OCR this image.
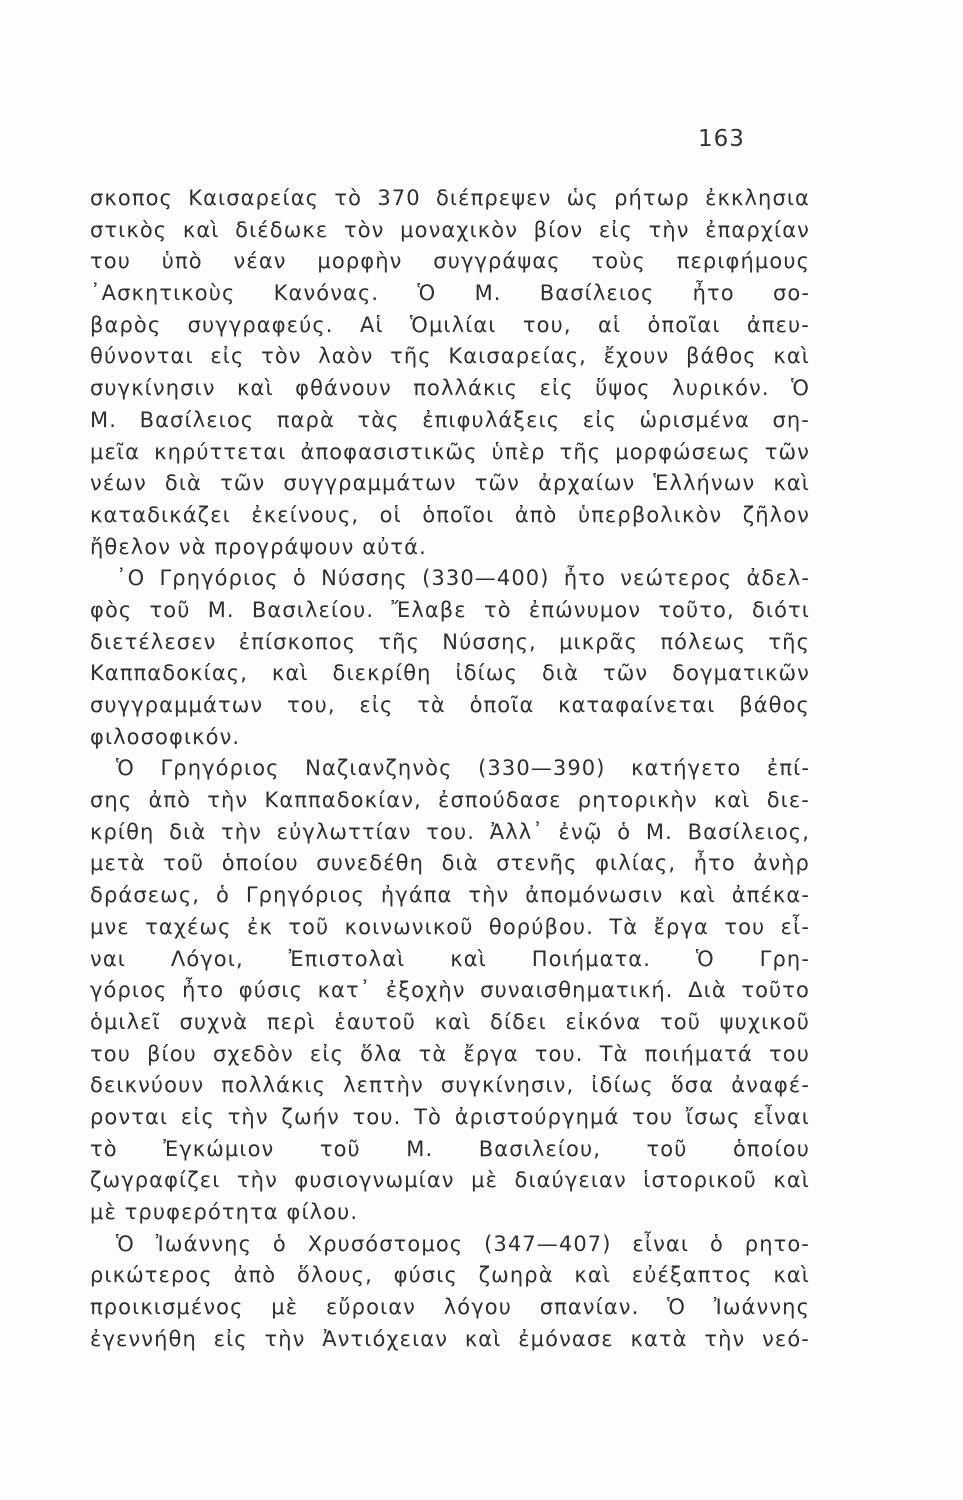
163
σκοπος Καισαρείας τὸ 370 διέπρεψεν ὡς ρήτωρ ἐκκλησια
στικὸς καὶ διέδωκε τὸν μοναχικὸν βίον εἰς τὴν ἐπαρχίαν
του ὑπὸ νέαν μορφὴν συγγράψας τοὺς περιφήμους
᾿Ασκητικοὺς Κανόνας. Ὁ Μ. Βασίλειος ἦτο σο-
βαρὸς συγγραφεύς. Αἱ Ὁμιλίαι του, αἱ ὁποῖαι ἀπευ-
θύνονται εἰς τὸν λαὸν τῆς Καισαρείας, ἔχουν βάθος καὶ
συγκίνησιν καὶ φθάνουν πολλάκις εἰς ὕψος λυρικόν. Ὁ
Μ. Βασίλειος παρὰ τὰς ἐπιφυλάξεις εἰς ὡρισμένα ση-
μεῖα κηρύττεται ἀποφασιστικῶς ὑπὲρ τῆς μορφώσεως τῶν
νέων διὰ τῶν συγγραμμάτων τῶν ἀρχαίων Ἑλλήνων καὶ
καταδικάζει ἐκείνους, οἱ ὁποῖοι ἀπὸ ὑπερβολικὸν ζῆλον
ἤθελον νὰ προγράψουν αὐτά.
᾿Ο Γρηγόριος ὁ Νύσσης (330—400) ἦτο νεώτερος ἀδελ-
φὸς τοῦ Μ. Βασιλείου. Ἔλαβε τὸ ἐπώνυμον τοῦτο, διότι
διετέλεσεν ἐπίσκοπος τῆς Νύσσης, μικρᾶς πόλεως τῆς
Καππαδοκίας, καὶ διεκρίθη ἰδίως διὰ τῶν δογματικῶν
συγγραμμάτων του, εἰς τὰ ὁποῖα καταφαίνεται βάθος
φιλοσοφικόν.
Ὁ Γρηγόριος Ναζιανζηνὸς (330—390) κατήγετο ἐπί-
σης ἀπὸ τὴν Καππαδοκίαν, ἐσπούδασε ρητορικὴν καὶ διε-
κρίθη διὰ τὴν εὐγλωττίαν του. Ἀλλ᾿ ἐνῷ ὁ Μ. Βασίλειος,
μετὰ τοῦ ὁποίου συνεδέθη διὰ στενῆς φιλίας, ἦτο ἀνὴρ
δράσεως, ὁ Γρηγόριος ἠγάπα τὴν ἀπομόνωσιν καὶ ἀπέκα-
μνε ταχέως ἐκ τοῦ κοινωνικοῦ θορύβου. Τὰ ἔργα του εἶ-
ναι Λόγοι, Ἐπιστολαὶ καὶ Ποιήματα. Ὁ Γρη-
γόριος ἦτο φύσις κατ᾿ ἐξοχὴν συναισθηματική. Διὰ τοῦτο
ὁμιλεῖ συχνὰ περὶ ἑαυτοῦ καὶ δίδει εἰκόνα τοῦ ψυχικοῦ
του βίου σχεδὸν εἰς ὅλα τὰ ἔργα του. Τὰ ποιήματά του
δεικνύουν πολλάκις λεπτὴν συγκίνησιν, ἰδίως ὅσα ἀναφέ-
ρονται εἰς τὴν ζωήν του. Τὸ ἀριστούργημά του ἴσως εἶναι
τὸ Ἐγκώμιον τοῦ Μ. Βασιλείου, τοῦ ὁποίου
ζωγραφίζει τὴν φυσιογνωμίαν μὲ διαύγειαν ἱστορικοῦ καὶ
μὲ τρυφερότητα φίλου.
Ὁ Ἰωάννης ὁ Χρυσόστομος (347—407) εἶναι ὁ ρητο-
ρικώτερος ἀπὸ ὅλους, φύσις ζωηρὰ καὶ εὐέξαπτος καὶ
προικισμένος μὲ εὔροιαν λόγου σπανίαν. Ὁ Ἰωάννης
ἐγεννήθη εἰς τὴν Ἀντιόχειαν καὶ ἐμόνασε κατὰ τὴν νεό-
